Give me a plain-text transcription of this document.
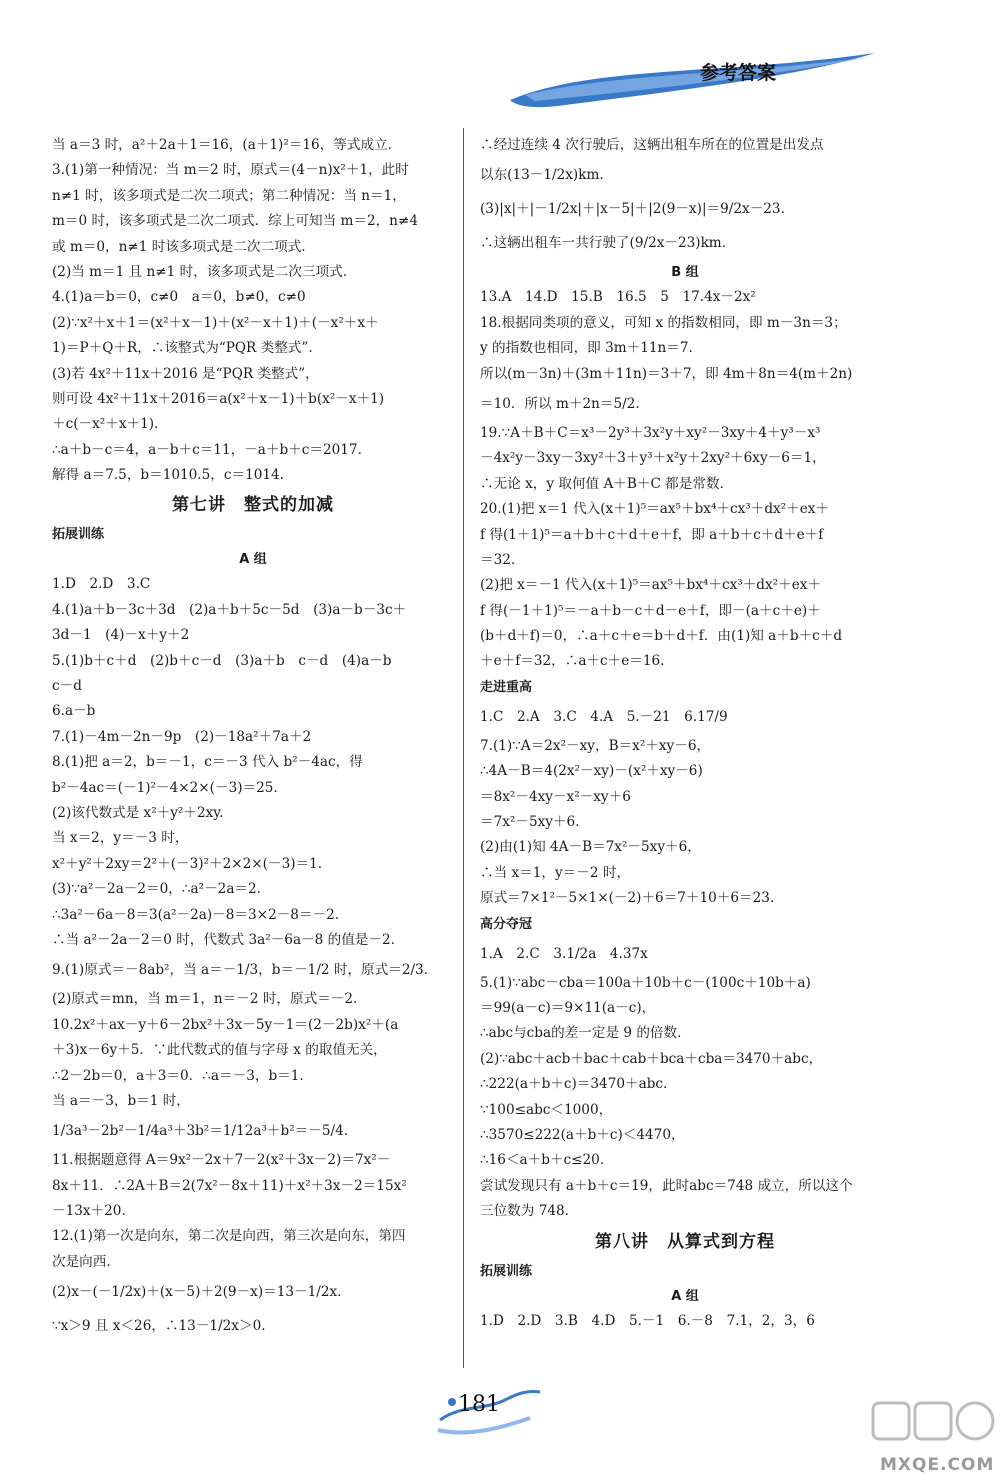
参考答案
当 a＝3 时，a²＋2a＋1＝16，(a＋1)²＝16，等式成立.
3.(1)第一种情况：当 m＝2 时，原式＝(4－n)x²＋1，此时
n≠1 时，该多项式是二次二项式；第二种情况：当 n＝1，
m＝0 时，该多项式是二次二项式．综上可知当 m＝2，n≠4
或 m＝0，n≠1 时该多项式是二次二项式.
(2)当 m＝1 且 n≠1 时，该多项式是二次三项式.
4.(1)a＝b＝0，c≠0　a＝0，b≠0，c≠0
(2)∵x²＋x＋1＝(x²＋x－1)＋(x²－x＋1)＋(－x²＋x＋
1)＝P＋Q＋R，∴该整式为“PQR 类整式”.
(3)若 4x²＋11x＋2016 是“PQR 类整式”，
则可设 4x²＋11x＋2016＝a(x²＋x－1)＋b(x²－x＋1)
＋c(－x²＋x＋1).
∴a＋b－c＝4，a－b＋c＝11，－a＋b＋c＝2017.
解得 a＝7.5，b＝1010.5，c＝1014.
第七讲　整式的加减
拓展训练
A 组
1.D　2.D　3.C
4.(1)a＋b－3c＋3d　(2)a＋b＋5c－5d　(3)a－b－3c＋
3d－1　(4)－x＋y＋2
5.(1)b＋c＋d　(2)b＋c－d　(3)a＋b　c－d　(4)a－b
c－d
6.a－b
7.(1)－4m－2n－9p　(2)－18a²＋7a＋2
8.(1)把 a＝2，b＝－1，c＝－3 代入 b²－4ac，得
b²－4ac＝(－1)²－4×2×(－3)＝25.
(2)该代数式是 x²＋y²＋2xy.
当 x＝2，y＝－3 时，
x²＋y²＋2xy＝2²＋(－3)²＋2×2×(－3)＝1.
(3)∵a²－2a－2＝0，∴a²－2a＝2.
∴3a²－6a－8＝3(a²－2a)－8＝3×2－8＝－2.
∴当 a²－2a－2＝0 时，代数式 3a²－6a－8 的值是－2.
9.(1)原式＝－8ab²，当 a＝－1/3，b＝－1/2 时，原式＝2/3.
(2)原式＝mn，当 m＝1，n＝－2 时，原式＝－2.
10.2x²＋ax－y＋6－2bx²＋3x－5y－1＝(2－2b)x²＋(a
＋3)x－6y＋5．∵此代数式的值与字母 x 的取值无关，
∴2－2b＝0，a＋3＝0．∴a＝－3，b＝1.
当 a＝－3，b＝1 时，
1/3a³－2b²－1/4a³＋3b²＝1/12a³＋b²＝－5/4.
11.根据题意得 A＝9x²－2x＋7－2(x²＋3x－2)＝7x²－
8x＋11．∴2A＋B＝2(7x²－8x＋11)＋x²＋3x－2＝15x²
－13x＋20.
12.(1)第一次是向东，第二次是向西，第三次是向东，第四
次是向西.
(2)x－(－1/2x)＋(x－5)＋2(9－x)＝13－1/2x.
∵x＞9 且 x＜26，∴13－1/2x＞0.
∴经过连续 4 次行驶后，这辆出租车所在的位置是出发点
以东(13－1/2x)km.
(3)|x|＋|－1/2x|＋|x－5|＋|2(9－x)|＝9/2x－23.
∴这辆出租车一共行驶了(9/2x－23)km.
B 组
13.A　14.D　15.B　16.5　5　17.4x－2x²
18.根据同类项的意义，可知 x 的指数相同，即 m－3n＝3；
y 的指数也相同，即 3m＋11n＝7.
所以(m－3n)＋(3m＋11n)＝3＋7，即 4m＋8n＝4(m＋2n)
＝10．所以 m＋2n＝5/2.
19.∵A＋B＋C＝x³－2y³＋3x²y＋xy²－3xy＋4＋y³－x³
－4x²y－3xy－3xy²＋3＋y³＋x²y＋2xy²＋6xy－6＝1，
∴无论 x，y 取何值 A＋B＋C 都是常数.
20.(1)把 x＝1 代入(x＋1)⁵＝ax⁵＋bx⁴＋cx³＋dx²＋ex＋
f 得(1＋1)⁵＝a＋b＋c＋d＋e＋f，即 a＋b＋c＋d＋e＋f
＝32.
(2)把 x＝－1 代入(x＋1)⁵＝ax⁵＋bx⁴＋cx³＋dx²＋ex＋
f 得(－1＋1)⁵＝－a＋b－c＋d－e＋f，即－(a＋c＋e)＋
(b＋d＋f)＝0，∴a＋c＋e＝b＋d＋f．由(1)知 a＋b＋c＋d
＋e＋f＝32，∴a＋c＋e＝16.
走进重高
1.C　2.A　3.C　4.A　5.－21　6.17/9
7.(1)∵A＝2x²－xy，B＝x²＋xy－6，
∴4A－B＝4(2x²－xy)－(x²＋xy－6)
＝8x²－4xy－x²－xy＋6
＝7x²－5xy＋6.
(2)由(1)知 4A－B＝7x²－5xy＋6，
∴当 x＝1，y＝－2 时，
原式＝7×1²－5×1×(－2)＋6＝7＋10＋6＝23.
高分夺冠
1.A　2.C　3.1/2a　4.37x
5.(1)∵abc－cba＝100a＋10b＋c－(100c＋10b＋a)
＝99(a－c)＝9×11(a－c)，
∴abc与cba的差一定是 9 的倍数.
(2)∵abc＋acb＋bac＋cab＋bca＋cba＝3470＋abc，
∴222(a＋b＋c)＝3470＋abc.
∵100≤abc＜1000，
∴3570≤222(a＋b＋c)＜4470，
∴16＜a＋b＋c≤20.
尝试发现只有 a＋b＋c＝19，此时abc＝748 成立，所以这个
三位数为 748.
第八讲　从算式到方程
拓展训练
A 组
1.D　2.D　3.B　4.D　5.－1　6.－8　7.1，2，3，6
181
MXQE.COM
